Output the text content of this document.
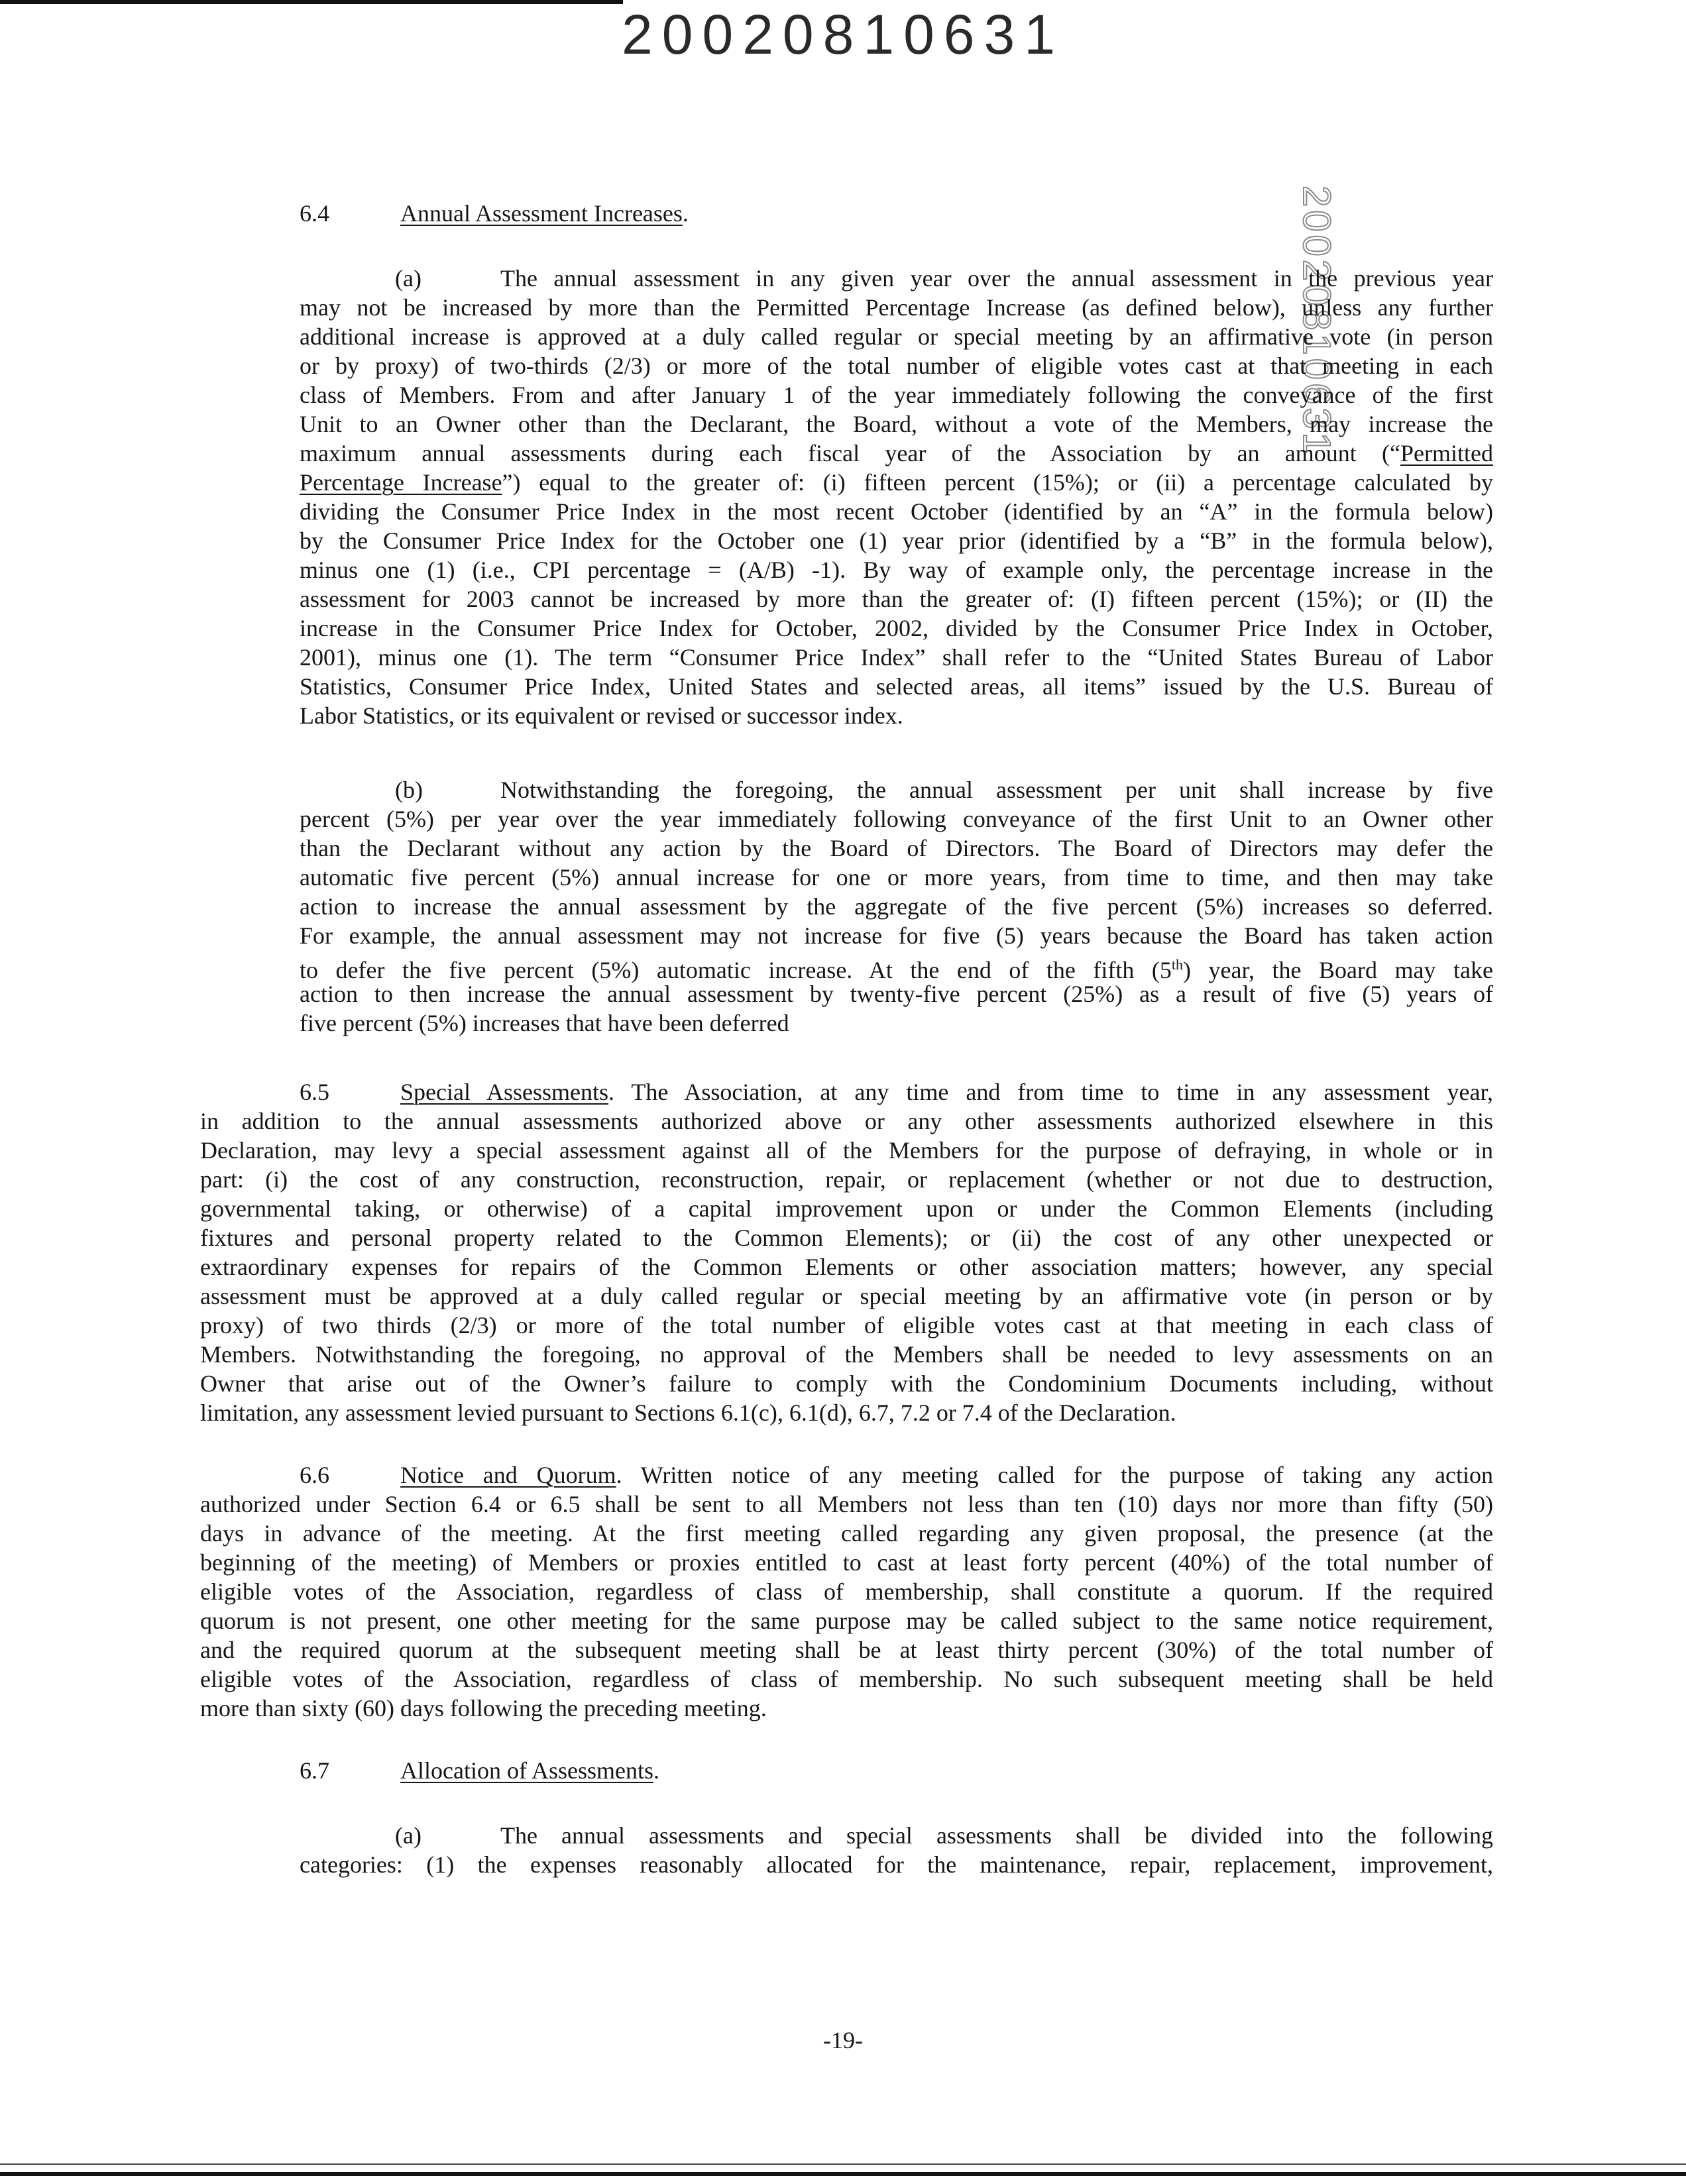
20020810631
20020810631
6.4	Annual Assessment Increases.
(a)	The annual assessment in any given year over the annual assessment in the previous year
may not be increased by more than the Permitted Percentage Increase (as defined below), unless any further
additional increase is approved at a duly called regular or special meeting by an affirmative vote (in person
or by proxy) of two-thirds (2/3) or more of the total number of eligible votes cast at that meeting in each
class of Members. From and after January 1 of the year immediately following the conveyance of the first
Unit to an Owner other than the Declarant, the Board, without a vote of the Members, may increase the
maximum annual assessments during each fiscal year of the Association by an amount (“Permitted
Percentage Increase”) equal to the greater of: (i) fifteen percent (15%); or (ii) a percentage calculated by
dividing the Consumer Price Index in the most recent October (identified by an “A” in the formula below)
by the Consumer Price Index for the October one (1) year prior (identified by a “B” in the formula below),
minus one (1) (i.e., CPI percentage = (A/B) -1). By way of example only, the percentage increase in the
assessment for 2003 cannot be increased by more than the greater of: (I) fifteen percent (15%); or (II) the
increase in the Consumer Price Index for October, 2002, divided by the Consumer Price Index in October,
2001), minus one (1). The term “Consumer Price Index” shall refer to the “United States Bureau of Labor
Statistics, Consumer Price Index, United States and selected areas, all items” issued by the U.S. Bureau of
Labor Statistics, or its equivalent or revised or successor index.
(b)	Notwithstanding the foregoing, the annual assessment per unit shall increase by five
percent (5%) per year over the year immediately following conveyance of the first Unit to an Owner other
than the Declarant without any action by the Board of Directors. The Board of Directors may defer the
automatic five percent (5%) annual increase for one or more years, from time to time, and then may take
action to increase the annual assessment by the aggregate of the five percent (5%) increases so deferred.
For example, the annual assessment may not increase for five (5) years because the Board has taken action
to defer the five percent (5%) automatic increase. At the end of the fifth (5th) year, the Board may take
action to then increase the annual assessment by twenty-five percent (25%) as a result of five (5) years of
five percent (5%) increases that have been deferred
6.5	Special Assessments. The Association, at any time and from time to time in any assessment year,
in addition to the annual assessments authorized above or any other assessments authorized elsewhere in this
Declaration, may levy a special assessment against all of the Members for the purpose of defraying, in whole or in
part: (i) the cost of any construction, reconstruction, repair, or replacement (whether or not due to destruction,
governmental taking, or otherwise) of a capital improvement upon or under the Common Elements (including
fixtures and personal property related to the Common Elements); or (ii) the cost of any other unexpected or
extraordinary expenses for repairs of the Common Elements or other association matters; however, any special
assessment must be approved at a duly called regular or special meeting by an affirmative vote (in person or by
proxy) of two thirds (2/3) or more of the total number of eligible votes cast at that meeting in each class of
Members. Notwithstanding the foregoing, no approval of the Members shall be needed to levy assessments on an
Owner that arise out of the Owner’s failure to comply with the Condominium Documents including, without
limitation, any assessment levied pursuant to Sections 6.1(c), 6.1(d), 6.7, 7.2 or 7.4 of the Declaration.
6.6	Notice and Quorum. Written notice of any meeting called for the purpose of taking any action
authorized under Section 6.4 or 6.5 shall be sent to all Members not less than ten (10) days nor more than fifty (50)
days in advance of the meeting. At the first meeting called regarding any given proposal, the presence (at the
beginning of the meeting) of Members or proxies entitled to cast at least forty percent (40%) of the total number of
eligible votes of the Association, regardless of class of membership, shall constitute a quorum. If the required
quorum is not present, one other meeting for the same purpose may be called subject to the same notice requirement,
and the required quorum at the subsequent meeting shall be at least thirty percent (30%) of the total number of
eligible votes of the Association, regardless of class of membership. No such subsequent meeting shall be held
more than sixty (60) days following the preceding meeting.
6.7	Allocation of Assessments.
(a)	The annual assessments and special assessments shall be divided into the following
categories: (1) the expenses reasonably allocated for the maintenance, repair, replacement, improvement,
-19-
